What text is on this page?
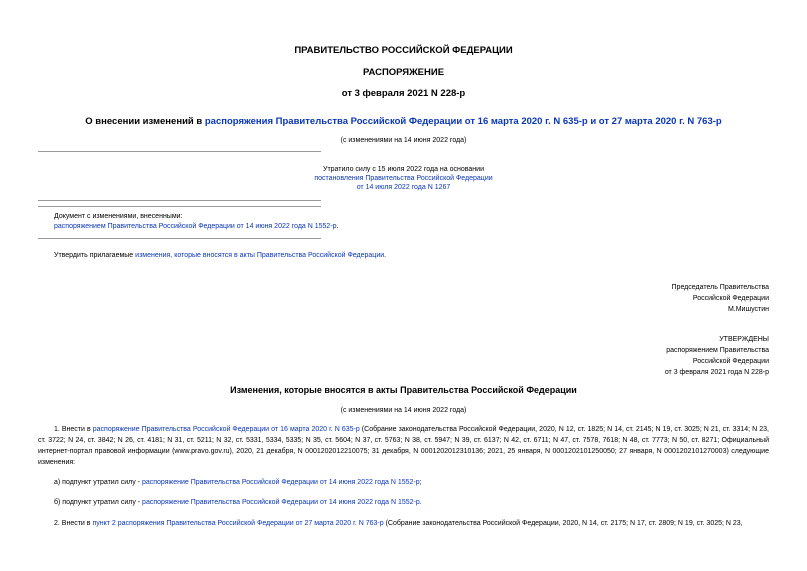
ПРАВИТЕЛЬСТВО РОССИЙСКОЙ ФЕДЕРАЦИИ
РАСПОРЯЖЕНИЕ
от 3 февраля 2021 N 228-р
О внесении изменений в распоряжения Правительства Российской Федерации от 16 марта 2020 г. N 635-р и от 27 марта 2020 г. N 763-р
(с изменениями на 14 июня 2022 года)
Утратило силу с 15 июля 2022 года на основании
постановления Правительства Российской Федерации
от 14 июля 2022 года N 1267
Документ с изменениями, внесенными:
распоряжением Правительства Российской Федерации от 14 июня 2022 года N 1552-р.
Утвердить прилагаемые изменения, которые вносятся в акты Правительства Российской Федерации.
Председатель Правительства
Российской Федерации
М.Мишустин
УТВЕРЖДЕНЫ
распоряжением Правительства
Российской Федерации
от 3 февраля 2021 года N 228-р
Изменения, которые вносятся в акты Правительства Российской Федерации
(с изменениями на 14 июня 2022 года)
1. Внести в распоряжение Правительства Российской Федерации от 16 марта 2020 г. N 635-р (Собрание законодательства Российской Федерации, 2020, N 12, ст. 1825; N 14, ст. 2145; N 19, ст. 3025; N 21, ст. 3314; N 23, ст. 3722; N 24, ст. 3842; N 26, ст. 4181; N 31, ст. 5211; N 32, ст. 5331, 5334, 5335; N 35, ст. 5604; N 37, ст. 5763; N 38, ст. 5947; N 39, ст. 6137; N 42, ст. 6711; N 47, ст. 7578, 7618; N 48, ст. 7773; N 50, ст. 8271; Официальный интернет-портал правовой информации (www.pravo.gov.ru), 2020, 21 декабря, N 0001202012210075; 31 декабря, N 0001202012310136; 2021, 25 января, N 0001202101250050; 27 января, N 0001202101270003) следующие изменения:
а) подпункт утратил силу - распоряжение Правительства Российской Федерации от 14 июня 2022 года N 1552-р;
б) подпункт утратил силу - распоряжение Правительства Российской Федерации от 14 июня 2022 года N 1552-р.
2. Внести в пункт 2 распоряжения Правительства Российской Федерации от 27 марта 2020 г. N 763-р (Собрание законодательства Российской Федерации, 2020, N 14, ст. 2175; N 17, ст. 2809; N 19, ст. 3025; N 23,
